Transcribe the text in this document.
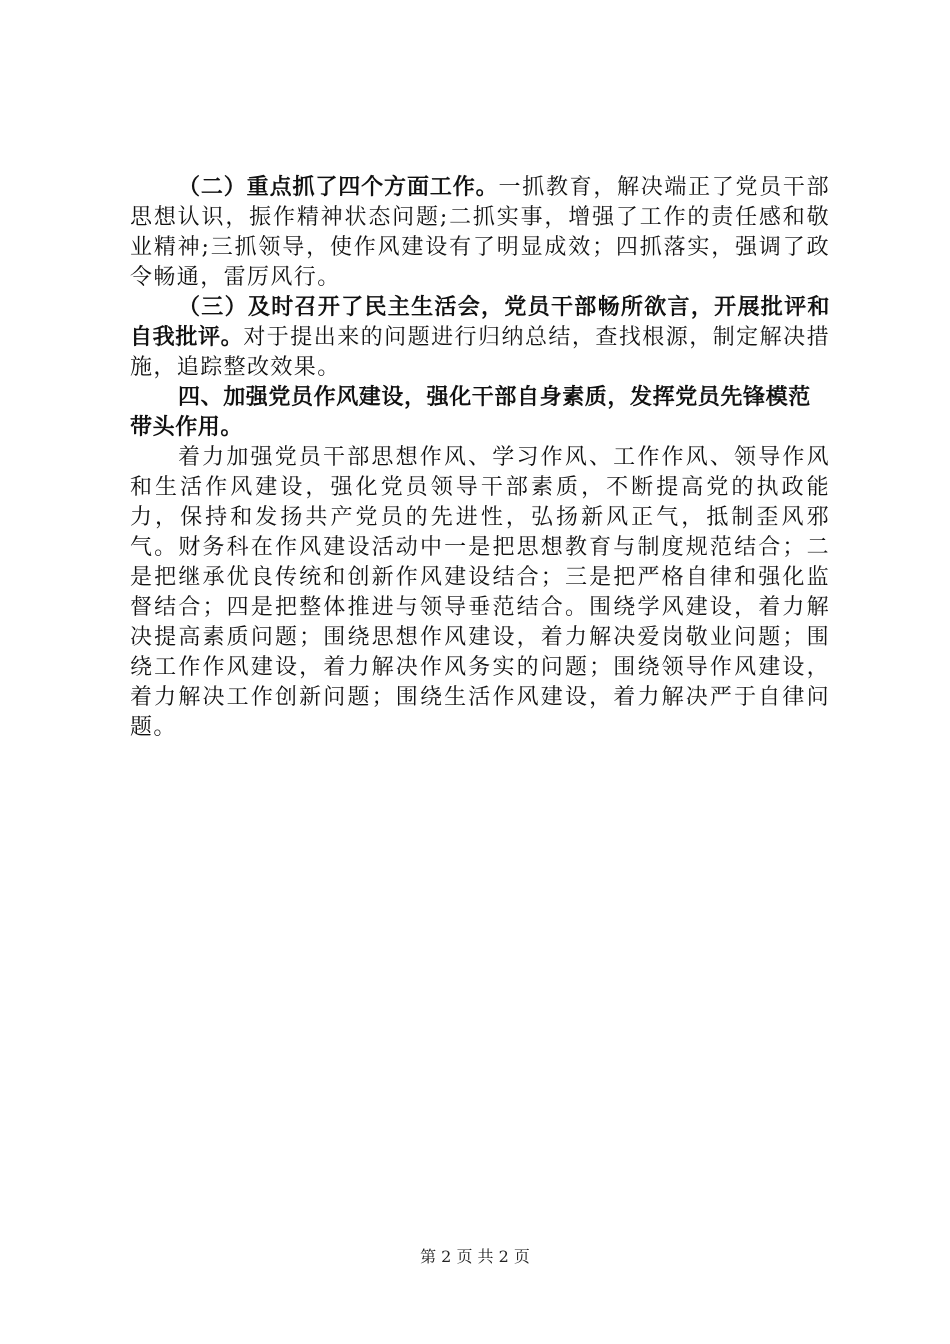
（二）重点抓了四个方面工作。一抓教育，解决端正了党员干部思想认识，振作精神状态问题;二抓实事，增强了工作的责任感和敬业精神;三抓领导，使作风建设有了明显成效；四抓落实，强调了政令畅通，雷厉风行。

（三）及时召开了民主生活会，党员干部畅所欲言，开展批评和自我批评。对于提出来的问题进行归纳总结，查找根源，制定解决措施，追踪整改效果。

四、加强党员作风建设，强化干部自身素质，发挥党员先锋模范带头作用。

着力加强党员干部思想作风、学习作风、工作作风、领导作风和生活作风建设，强化党员领导干部素质，不断提高党的执政能力，保持和发扬共产党员的先进性，弘扬新风正气，抵制歪风邪气。财务科在作风建设活动中一是把思想教育与制度规范结合；二是把继承优良传统和创新作风建设结合；三是把严格自律和强化监督结合；四是把整体推进与领导垂范结合。围绕学风建设，着力解决提高素质问题；围绕思想作风建设，着力解决爱岗敬业问题；围绕工作作风建设，着力解决作风务实的问题；围绕领导作风建设，着力解决工作创新问题；围绕生活作风建设，着力解决严于自律问题。

第 2 页 共 2 页
